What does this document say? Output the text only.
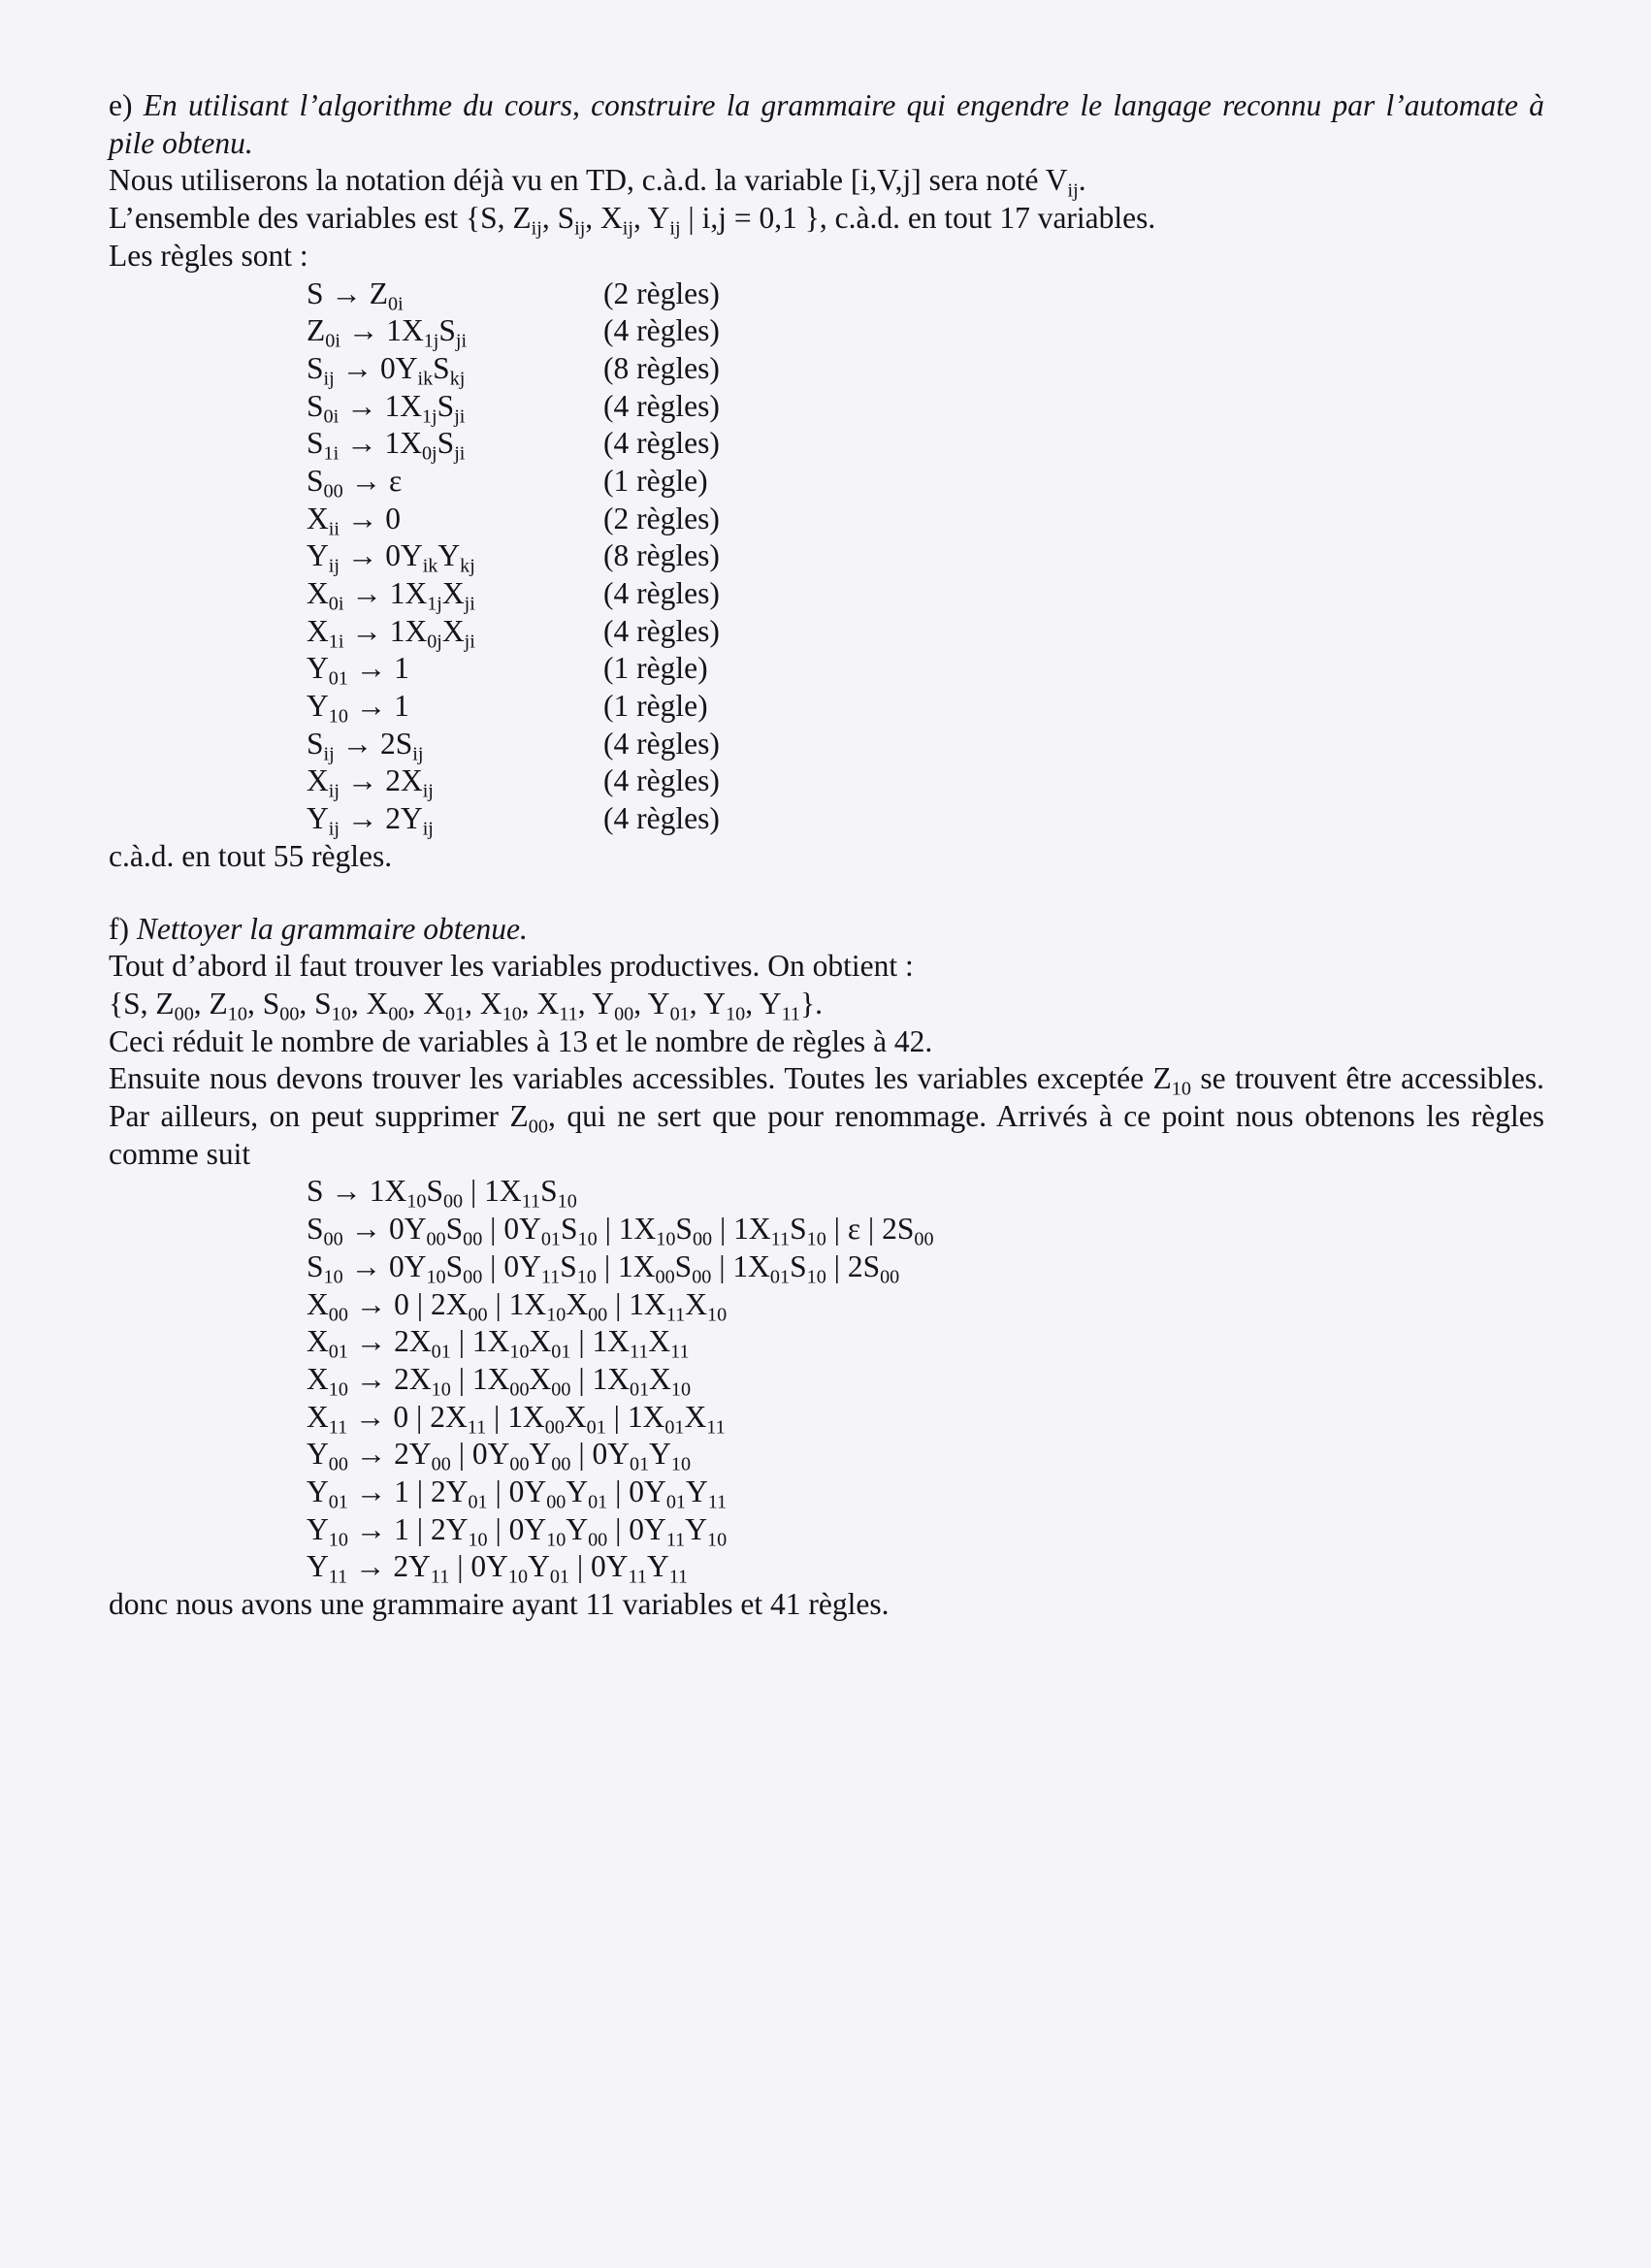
e) En utilisant l’algorithme du cours, construire la grammaire qui engendre le langage reconnu par l’automate à pile obtenu.

Nous utiliserons la notation déjà vu en TD, c.à.d. la variable [i,V,j] sera noté $V_{ij}$.

L’ensemble des variables est {S, $Z_{ij}$, $S_{ij}$, $X_{ij}$, $Y_{ij}$ | i,j = 0,1 }, c.à.d. en tout 17 variables.

Les règles sont :

$S \to Z_{0i}$	(2 règles)
$Z_{0i} \to 1X_{1j}S_{ji}$	(4 règles)
$S_{ij} \to 0Y_{ik}S_{kj}$	(8 règles)
$S_{0i} \to 1X_{1j}S_{ji}$	(4 règles)
$S_{1i} \to 1X_{0j}S_{ji}$	(4 règles)
$S_{00} \to \varepsilon$	(1 règle)
$X_{ii} \to 0$	(2 règles)
$Y_{ij} \to 0Y_{ik}Y_{kj}$	(8 règles)
$X_{0i} \to 1X_{1j}X_{ji}$	(4 règles)
$X_{1i} \to 1X_{0j}X_{ji}$	(4 règles)
$Y_{01} \to 1$	(1 règle)
$Y_{10} \to 1$	(1 règle)
$S_{ij} \to 2S_{ij}$	(4 règles)
$X_{ij} \to 2X_{ij}$	(4 règles)
$Y_{ij} \to 2Y_{ij}$	(4 règles)

c.à.d. en tout 55 règles.

f) Nettoyer la grammaire obtenue.

Tout d’abord il faut trouver les variables productives. On obtient :

{S, $Z_{00}$, $Z_{10}$, $S_{00}$, $S_{10}$, $X_{00}$, $X_{01}$, $X_{10}$, $X_{11}$, $Y_{00}$, $Y_{01}$, $Y_{10}$, $Y_{11}$}.

Ceci réduit le nombre de variables à 13 et le nombre de règles à 42.

Ensuite nous devons trouver les variables accessibles. Toutes les variables exceptée $Z_{10}$ se trouvent être accessibles. Par ailleurs, on peut supprimer $Z_{00}$, qui ne sert que pour renommage. Arrivés à ce point nous obtenons les règles comme suit

$S \to 1X_{10}S_{00}$ | $1X_{11}S_{10}$

$S_{00} \to 0Y_{00}S_{00}$ | $0Y_{01}S_{10}$ | $1X_{10}S_{00}$ | $1X_{11}S_{10}$ | ε | $2S_{00}$

$S_{10} \to 0Y_{10}S_{00}$ | $0Y_{11}S_{10}$ | $1X_{00}S_{00}$ | $1X_{01}S_{10}$ | $2S_{00}$

$X_{00} \to 0$ | $2X_{00}$ | $1X_{10}X_{00}$ | $1X_{11}X_{10}$

$X_{01} \to 2X_{01}$ | $1X_{10}X_{01}$ | $1X_{11}X_{11}$

$X_{10} \to 2X_{10}$ | $1X_{00}X_{00}$ | $1X_{01}X_{10}$

$X_{11} \to 0$ | $2X_{11}$ | $1X_{00}X_{01}$ | $1X_{01}X_{11}$

$Y_{00} \to 2Y_{00}$ | $0Y_{00}Y_{00}$ | $0Y_{01}Y_{10}$

$Y_{01} \to 1$ | $2Y_{01}$ | $0Y_{00}Y_{01}$ | $0Y_{01}Y_{11}$

$Y_{10} \to 1$ | $2Y_{10}$ | $0Y_{10}Y_{00}$ | $0Y_{11}Y_{10}$

$Y_{11} \to 2Y_{11}$ | $0Y_{10}Y_{01}$ | $0Y_{11}Y_{11}$

donc nous avons une grammaire ayant 11 variables et 41 règles.
